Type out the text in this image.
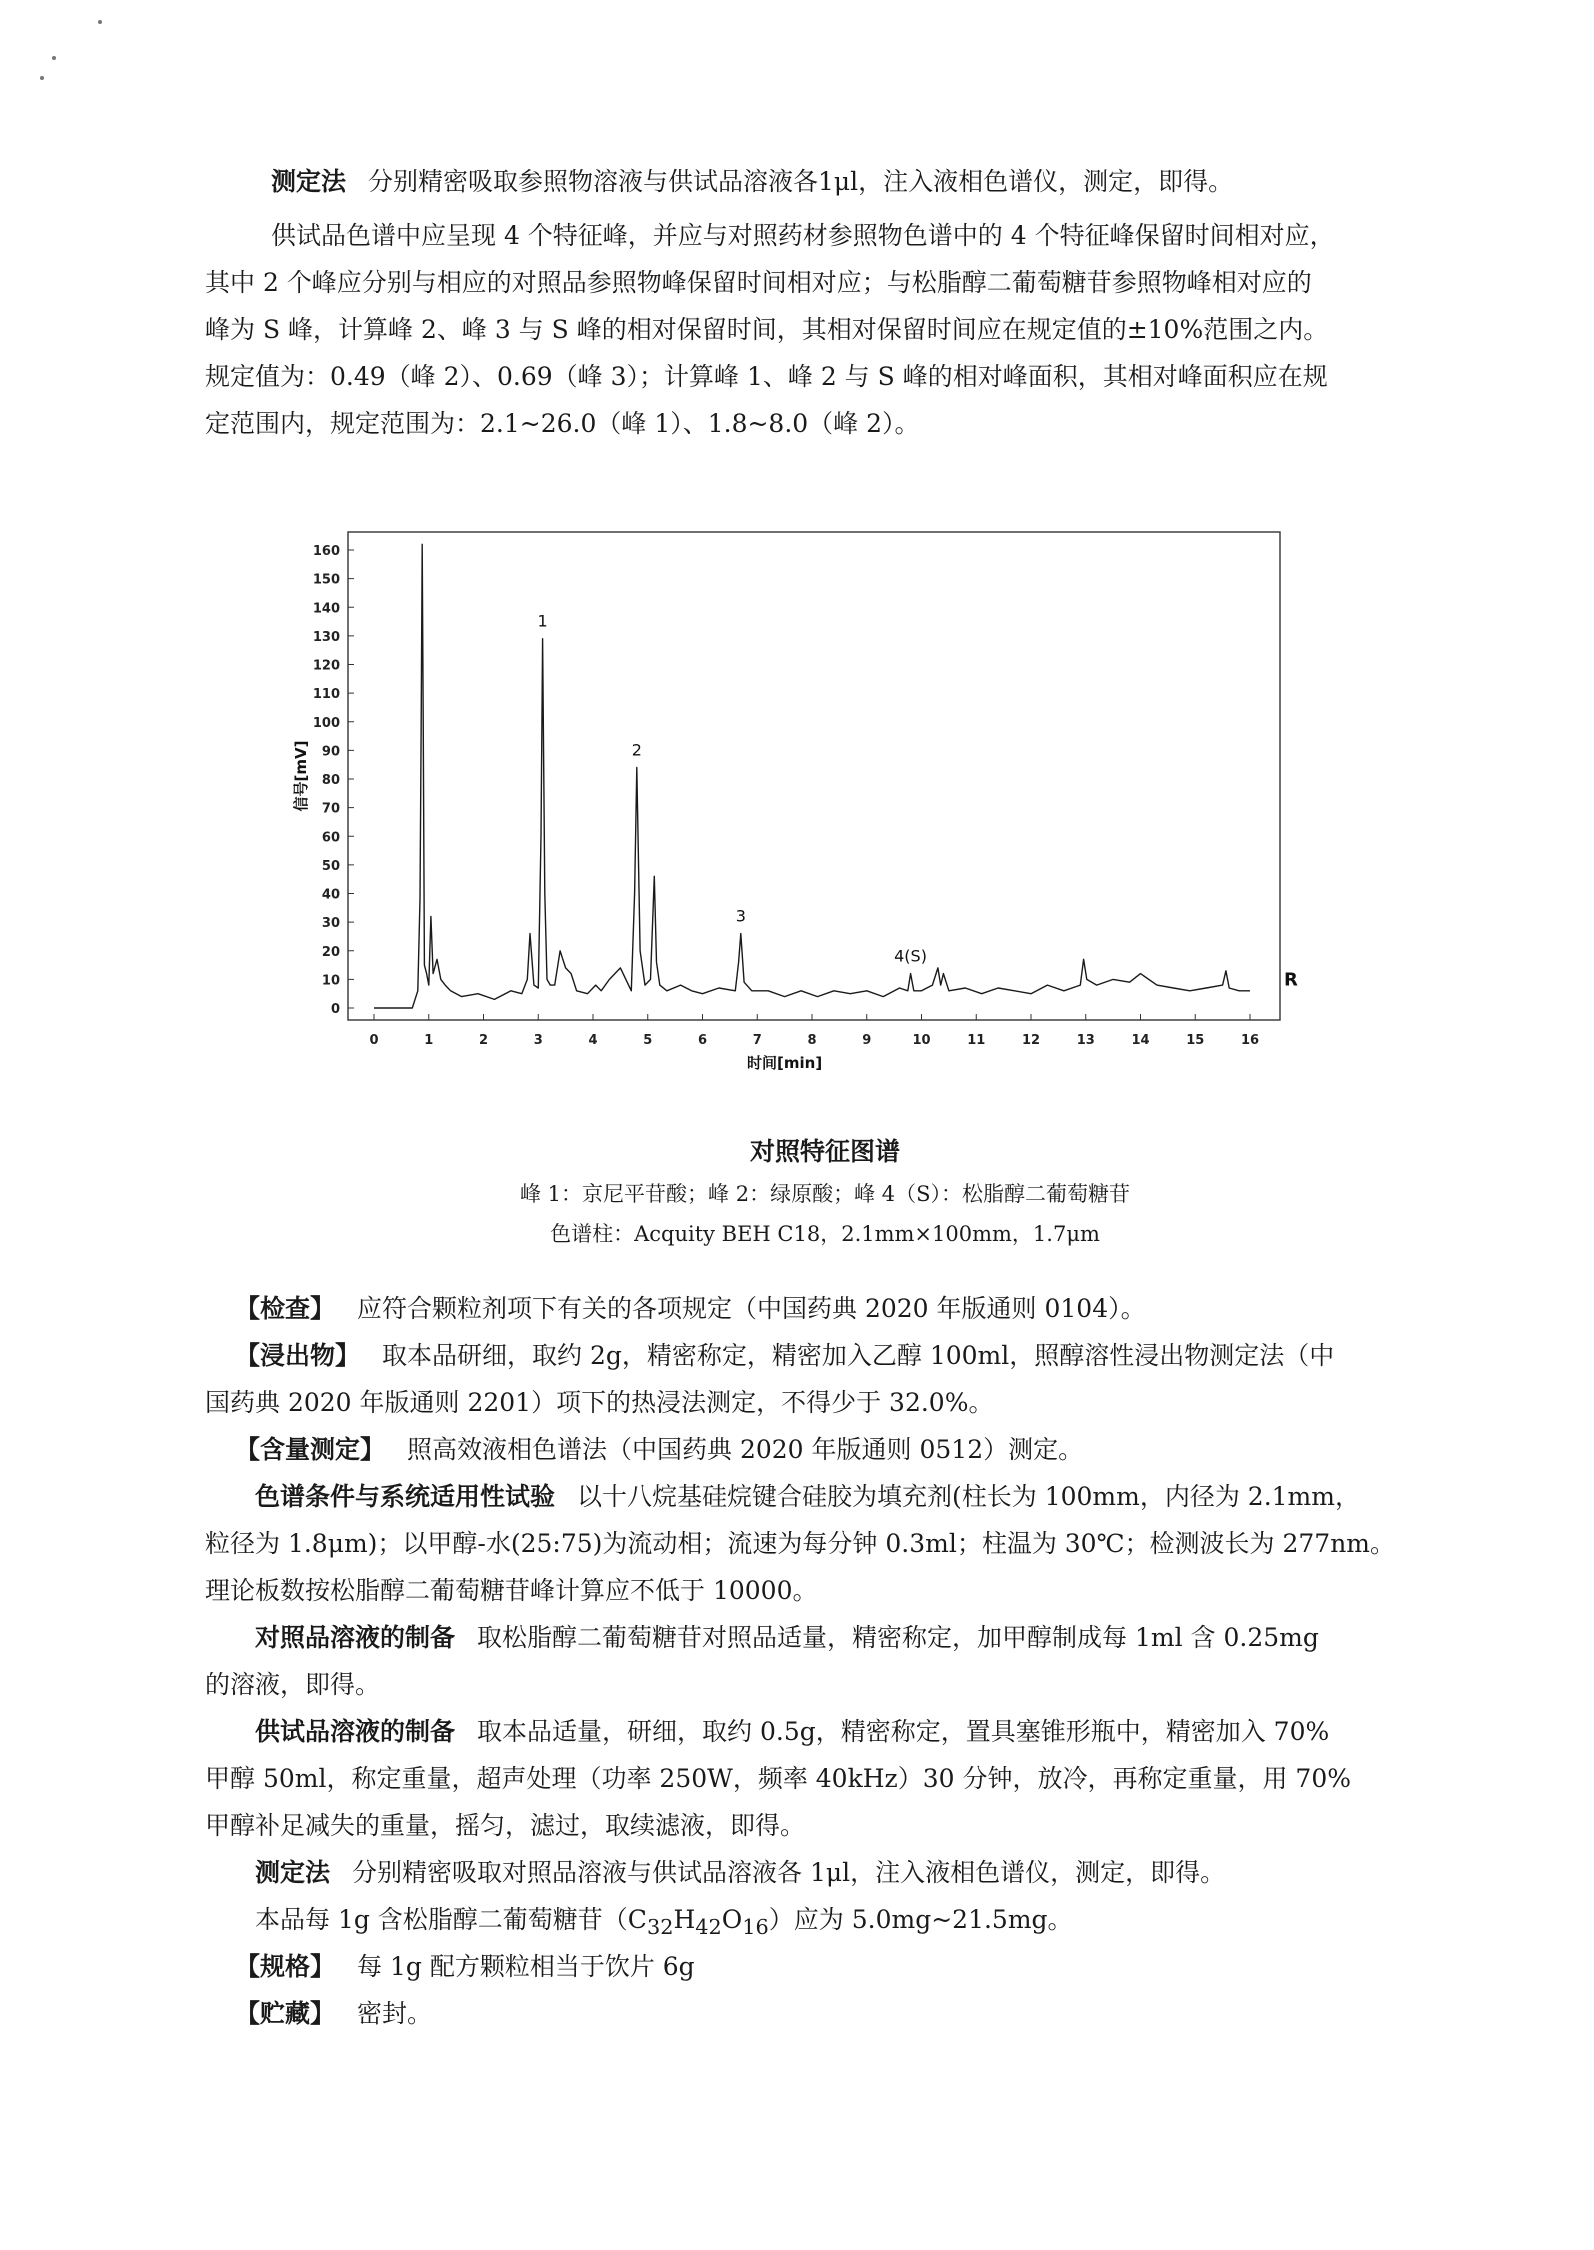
测定法 分别精密吸取参照物溶液与供试品溶液各1μl，注入液相色谱仪，测定，即得。

供试品色谱中应呈现 4 个特征峰，并应与对照药材参照物色谱中的 4 个特征峰保留时间相对应，
其中 2 个峰应分别与相应的对照品参照物峰保留时间相对应；与松脂醇二葡萄糖苷参照物峰相对应的
峰为 S 峰，计算峰 2、峰 3 与 S 峰的相对保留时间，其相对保留时间应在规定值的±10%范围之内。
规定值为：0.49（峰 2）、0.69（峰 3）；计算峰 1、峰 2 与 S 峰的相对峰面积，其相对峰面积应在规
定范围内，规定范围为：2.1~26.0（峰 1）、1.8~8.0（峰 2）。

0
10
20
30
40
50
60
70
80
90
100
110
120
130
140
150
160
0	1	2	3	4	5	6	7	8	9	10	11	12	13	14	15	16
信号[mV]
时间[min]
1
2
3
4(S)
R

对照特征图谱

峰 1：京尼平苷酸；峰 2：绿原酸；峰 4（S）：松脂醇二葡萄糖苷

色谱柱：Acquity BEH C18，2.1mm×100mm，1.7μm

【检查】 应符合颗粒剂项下有关的各项规定（中国药典 2020 年版通则 0104）。

【浸出物】 取本品研细，取约 2g，精密称定，精密加入乙醇 100ml，照醇溶性浸出物测定法（中
国药典 2020 年版通则 2201）项下的热浸法测定，不得少于 32.0%。

【含量测定】 照高效液相色谱法（中国药典 2020 年版通则 0512）测定。

色谱条件与系统适用性试验 以十八烷基硅烷键合硅胶为填充剂(柱长为 100mm，内径为 2.1mm，
粒径为 1.8μm)；以甲醇-水(25:75)为流动相；流速为每分钟 0.3ml；柱温为 30℃；检测波长为 277nm。
理论板数按松脂醇二葡萄糖苷峰计算应不低于 10000。

对照品溶液的制备 取松脂醇二葡萄糖苷对照品适量，精密称定，加甲醇制成每 1ml 含 0.25mg
的溶液，即得。

供试品溶液的制备 取本品适量，研细，取约 0.5g，精密称定，置具塞锥形瓶中，精密加入 70%
甲醇 50ml，称定重量，超声处理（功率 250W，频率 40kHz）30 分钟，放冷，再称定重量，用 70%
甲醇补足减失的重量，摇匀，滤过，取续滤液，即得。

测定法 分别精密吸取对照品溶液与供试品溶液各 1μl，注入液相色谱仪，测定，即得。

本品每 1g 含松脂醇二葡萄糖苷$(C_{32}H_{42}O_{16})$应为 5.0mg~21.5mg。

【规格】 每 1g 配方颗粒相当于饮片 6g

【贮藏】 密封。
